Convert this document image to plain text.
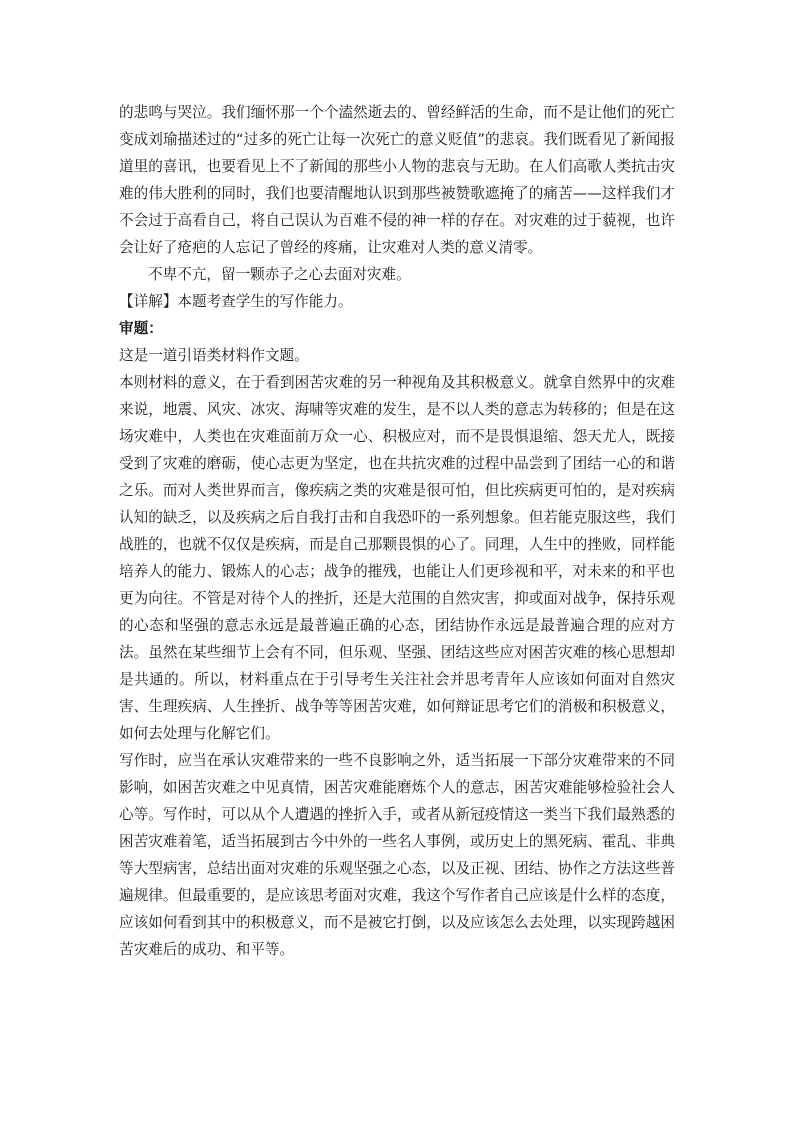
的悲鸣与哭泣。我们缅怀那一个个溘然逝去的、曾经鲜活的生命，而不是让他们的死亡变成刘瑜描述过的“过多的死亡让每一次死亡的意义贬值”的悲哀。我们既看见了新闻报道里的喜讯，也要看见上不了新闻的那些小人物的悲哀与无助。在人们高歌人类抗击灾难的伟大胜利的同时，我们也要清醒地认识到那些被赞歌遮掩了的痛苦——这样我们才不会过于高看自己，将自己误认为百难不侵的神一样的存在。对灾难的过于藐视，也许会让好了疮疤的人忘记了曾经的疼痛，让灾难对人类的意义清零。

不卑不亢，留一颗赤子之心去面对灾难。

【详解】本题考查学生的写作能力。

审题：

这是一道引语类材料作文题。

本则材料的意义，在于看到困苦灾难的另一种视角及其积极意义。就拿自然界中的灾难来说，地震、风灾、冰灾、海啸等灾难的发生，是不以人类的意志为转移的；但是在这场灾难中，人类也在灾难面前万众一心、积极应对，而不是畏惧退缩、怨天尤人，既接受到了灾难的磨砺，使心志更为坚定，也在共抗灾难的过程中品尝到了团结一心的和谐之乐。而对人类世界而言，像疾病之类的灾难是很可怕，但比疾病更可怕的，是对疾病认知的缺乏，以及疾病之后自我打击和自我恐吓的一系列想象。但若能克服这些，我们战胜的，也就不仅仅是疾病，而是自己那颗畏惧的心了。同理，人生中的挫败，同样能培养人的能力、锻炼人的心志；战争的摧残，也能让人们更珍视和平，对未来的和平也更为向往。不管是对待个人的挫折，还是大范围的自然灾害，抑或面对战争，保持乐观的心态和坚强的意志永远是最普遍正确的心态，团结协作永远是最普遍合理的应对方法。虽然在某些细节上会有不同，但乐观、坚强、团结这些应对困苦灾难的核心思想却是共通的。所以，材料重点在于引导考生关注社会并思考青年人应该如何面对自然灾害、生理疾病、人生挫折、战争等等困苦灾难，如何辩证思考它们的消极和积极意义，如何去处理与化解它们。

写作时，应当在承认灾难带来的一些不良影响之外，适当拓展一下部分灾难带来的不同影响，如困苦灾难之中见真情，困苦灾难能磨炼个人的意志，困苦灾难能够检验社会人心等。写作时，可以从个人遭遇的挫折入手，或者从新冠疫情这一类当下我们最熟悉的困苦灾难着笔，适当拓展到古今中外的一些名人事例，或历史上的黑死病、霍乱、非典等大型病害，总结出面对灾难的乐观坚强之心态，以及正视、团结、协作之方法这些普遍规律。但最重要的，是应该思考面对灾难，我这个写作者自己应该是什么样的态度，应该如何看到其中的积极意义，而不是被它打倒，以及应该怎么去处理，以实现跨越困苦灾难后的成功、和平等。
